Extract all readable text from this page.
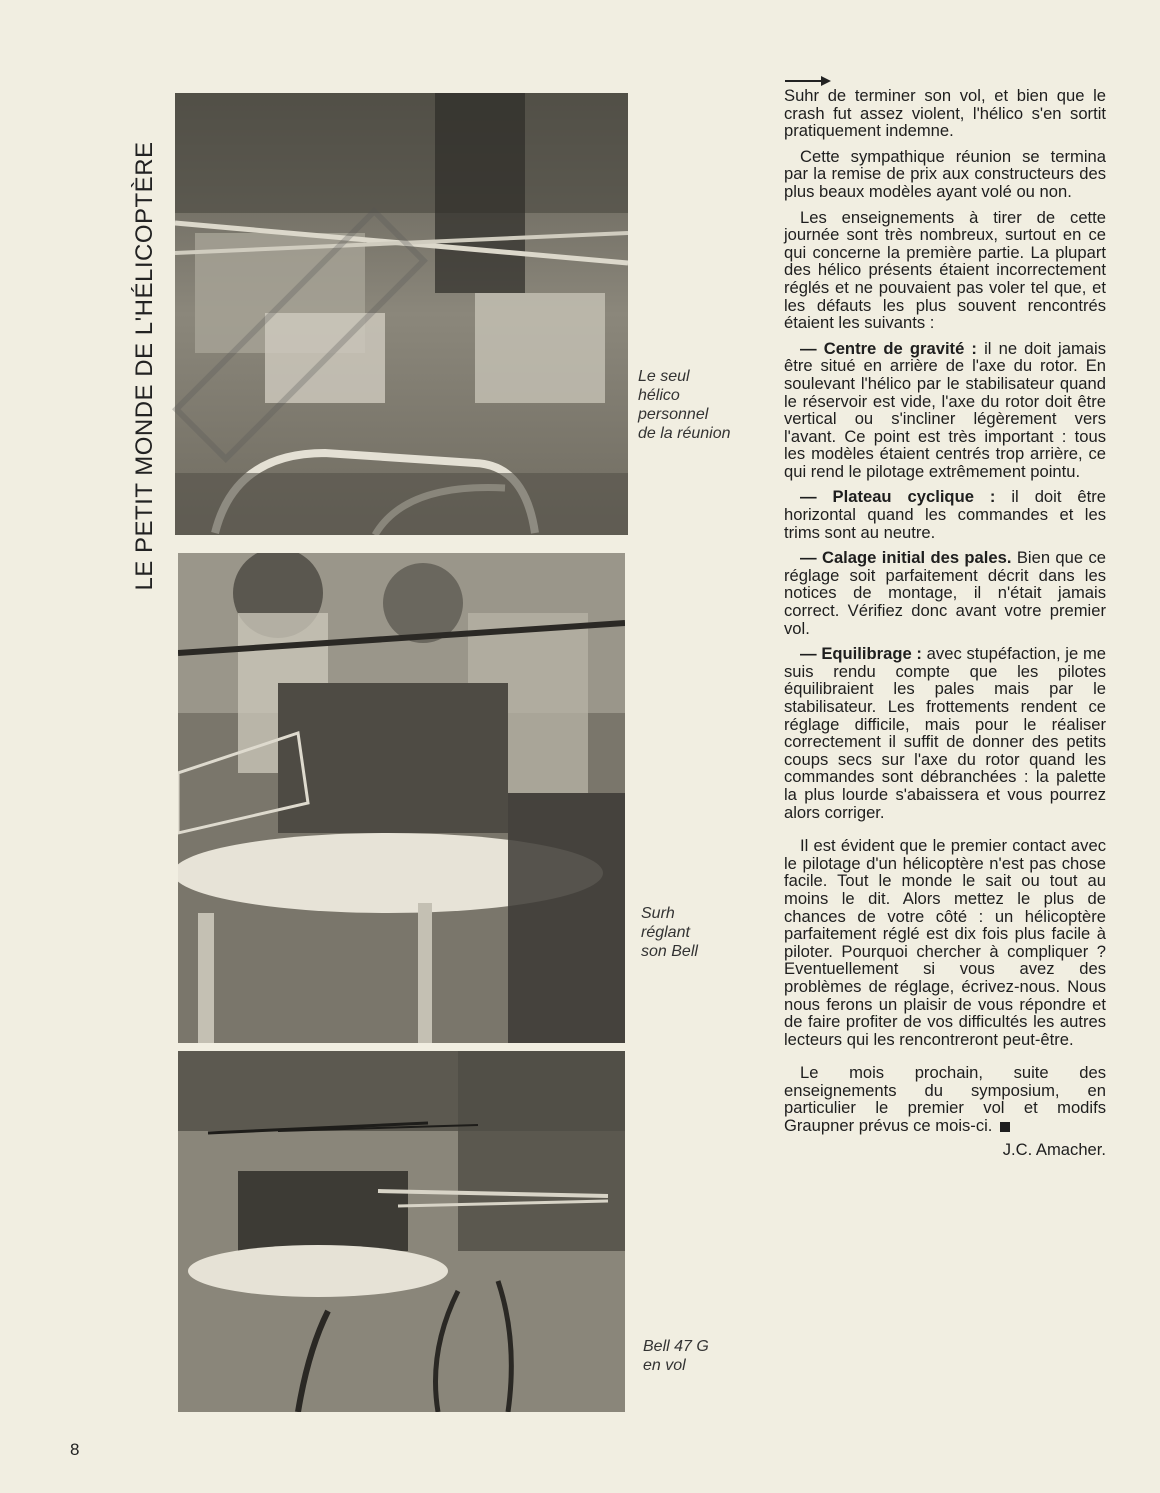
LE PETIT MONDE DE L'HÉLICOPTÈRE	Le seul
hélico
personnel
de la réunion
Surh
réglant
son Bell
Bell 47 G
en vol

Suhr de terminer son vol, et bien que le crash fut assez violent, l'hélico s'en sortit pratiquement indemne.

Cette sympathique réunion se termina par la remise de prix aux constructeurs des plus beaux modèles ayant volé ou non.

Les enseignements à tirer de cette journée sont très nombreux, surtout en ce qui concerne la première partie. La plupart des hélico présents étaient incorrectement réglés et ne pouvaient pas voler tel que, et les défauts les plus souvent rencontrés étaient les suivants :

— Centre de gravité : il ne doit jamais être situé en arrière de l'axe du rotor. En soulevant l'hélico par le stabilisateur quand le réservoir est vide, l'axe du rotor doit être vertical ou s'incliner légèrement vers l'avant. Ce point est très important : tous les modèles étaient centrés trop arrière, ce qui rend le pilotage extrêmement pointu.

— Plateau cyclique : il doit être horizontal quand les commandes et les trims sont au neutre.

— Calage initial des pales. Bien que ce réglage soit parfaitement décrit dans les notices de montage, il n'était jamais correct. Vérifiez donc avant votre premier vol.

— Equilibrage : avec stupéfaction, je me suis rendu compte que les pilotes équilibraient les pales mais par le stabilisateur. Les frottements rendent ce réglage difficile, mais pour le réaliser correctement il suffit de donner des petits coups secs sur l'axe du rotor quand les commandes sont débranchées : la palette la plus lourde s'abaissera et vous pourrez alors corriger.

Il est évident que le premier contact avec le pilotage d'un hélicoptère n'est pas chose facile. Tout le monde le sait ou tout au moins le dit. Alors mettez le plus de chances de votre côté : un hélicoptère parfaitement réglé est dix fois plus facile à piloter. Pourquoi chercher à compliquer ? Eventuellement si vous avez des problèmes de réglage, écrivez-nous. Nous nous ferons un plaisir de vous répondre et de faire profiter de vos difficultés les autres lecteurs qui les rencontreront peut-être.

Le mois prochain, suite des enseignements du symposium, en particulier le premier vol et modifs Graupner prévus ce mois-ci.

J.C. Amacher.
8
